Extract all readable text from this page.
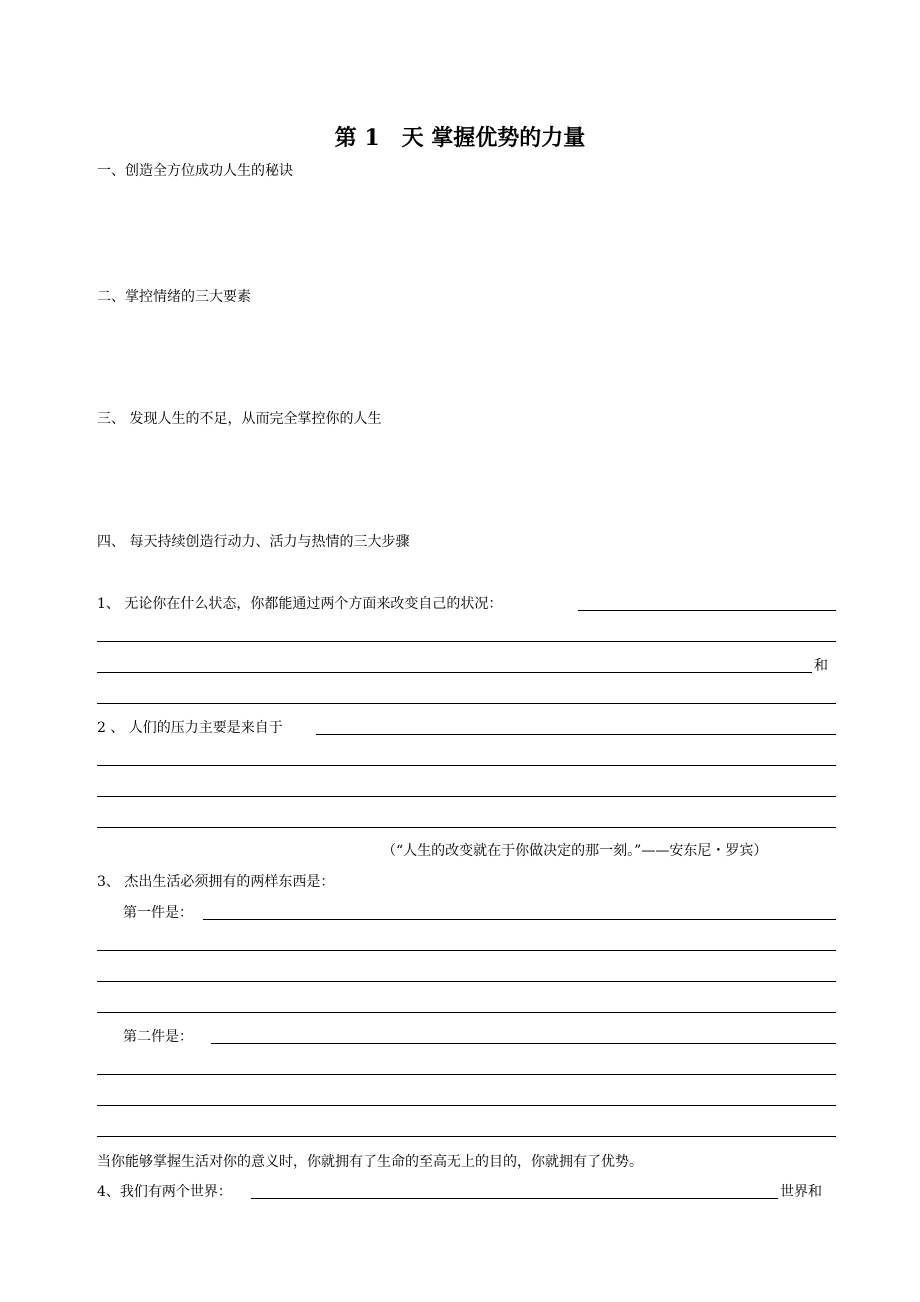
第 1　天 掌握优势的力量
一、创造全方位成功人生的秘诀
二、掌控情绪的三大要素
三、 发现人生的不足，从而完全掌控你的人生
四、 每天持续创造行动力、活力与热情的三大步骤
1、 无论你在什么状态，你都能通过两个方面来改变自己的状况：
和
2 、 人们的压力主要是来自于
（“人生的改变就在于你做决定的那一刻。”——安东尼・罗宾）
3、 杰出生活必须拥有的两样东西是：
第一件是：
第二件是：
当你能够掌握生活对你的意义时，你就拥有了生命的至高无上的目的，你就拥有了优势。
4、我们有两个世界：	世界和
